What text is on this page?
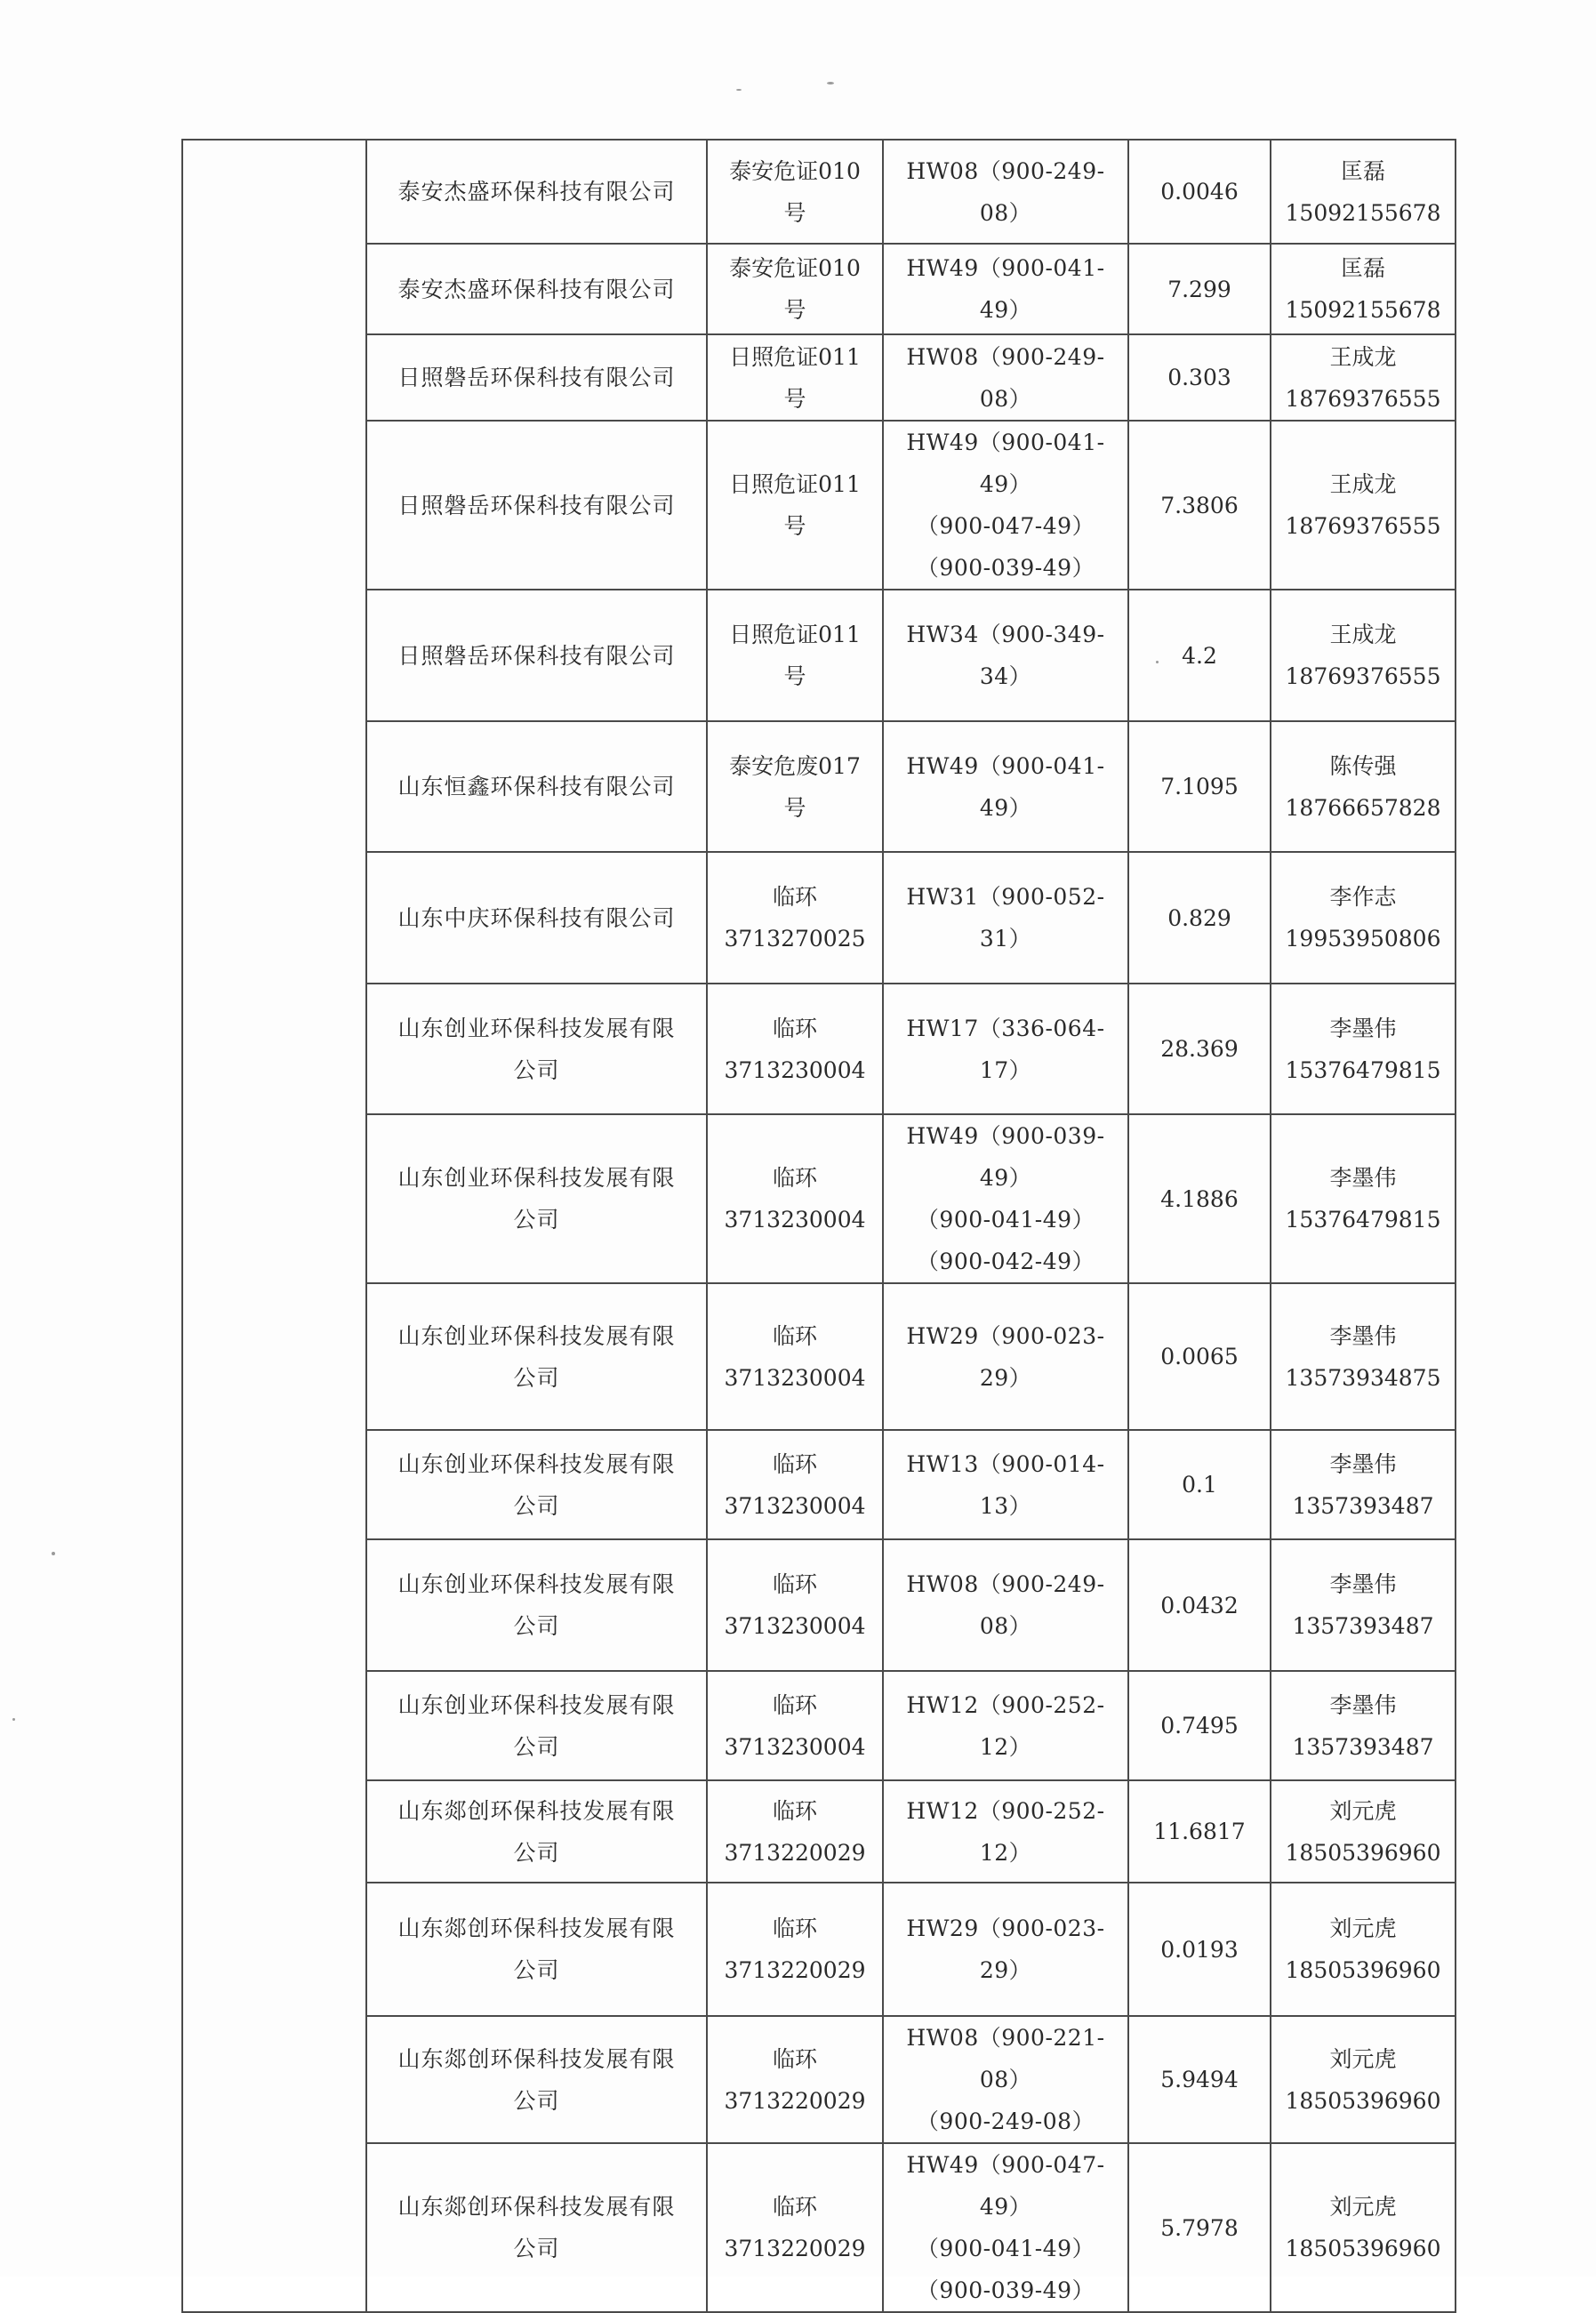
	泰安杰盛环保科技有限公司	泰安危证010
号	HW08（900-249-08）	0.0046	匡磊
15092155678

	泰安杰盛环保科技有限公司	泰安危证010
号	HW49（900-041-49）	7.299	匡磊
15092155678

	日照磐岳环保科技有限公司	日照危证011
号	HW08（900-249-08）	0.303	王成龙
18769376555

	日照磐岳环保科技有限公司	日照危证011
号	HW49（900-041-49）
（900-047-49）
（900-039-49）	7.3806	王成龙
18769376555

	日照磐岳环保科技有限公司	日照危证011
号	HW34（900-349-34）	4.2	王成龙
18769376555

	山东恒鑫环保科技有限公司	泰安危废017
号	HW49（900-041-49）	7.1095	陈传强
18766657828

	山东中庆环保科技有限公司	临环
3713270025	HW31（900-052-31）	0.829	李作志
19953950806

	山东创业环保科技发展有限
公司	临环
3713230004	HW17（336-064-17）	28.369	李墨伟
15376479815

	山东创业环保科技发展有限
公司	临环
3713230004	HW49（900-039-49）
（900-041-49）
（900-042-49）	4.1886	李墨伟
15376479815

	山东创业环保科技发展有限
公司	临环
3713230004	HW29（900-023-29）	0.0065	李墨伟
13573934875

	山东创业环保科技发展有限
公司	临环
3713230004	HW13（900-014-13）	0.1	李墨伟
1357393487

	山东创业环保科技发展有限
公司	临环
3713230004	HW08（900-249-08）	0.0432	李墨伟
1357393487

	山东创业环保科技发展有限
公司	临环
3713230004	HW12（900-252-12）	0.7495	李墨伟
1357393487

	山东郯创环保科技发展有限
公司	临环
3713220029	HW12（900-252-12）	11.6817	刘元虎
18505396960

	山东郯创环保科技发展有限
公司	临环
3713220029	HW29（900-023-29）	0.0193	刘元虎
18505396960

	山东郯创环保科技发展有限
公司	临环
3713220029	HW08（900-221-08）
（900-249-08）	5.9494	刘元虎
18505396960

	山东郯创环保科技发展有限
公司	临环
3713220029	HW49（900-047-49）
（900-041-49）
（900-039-49）	5.7978	刘元虎
18505396960
